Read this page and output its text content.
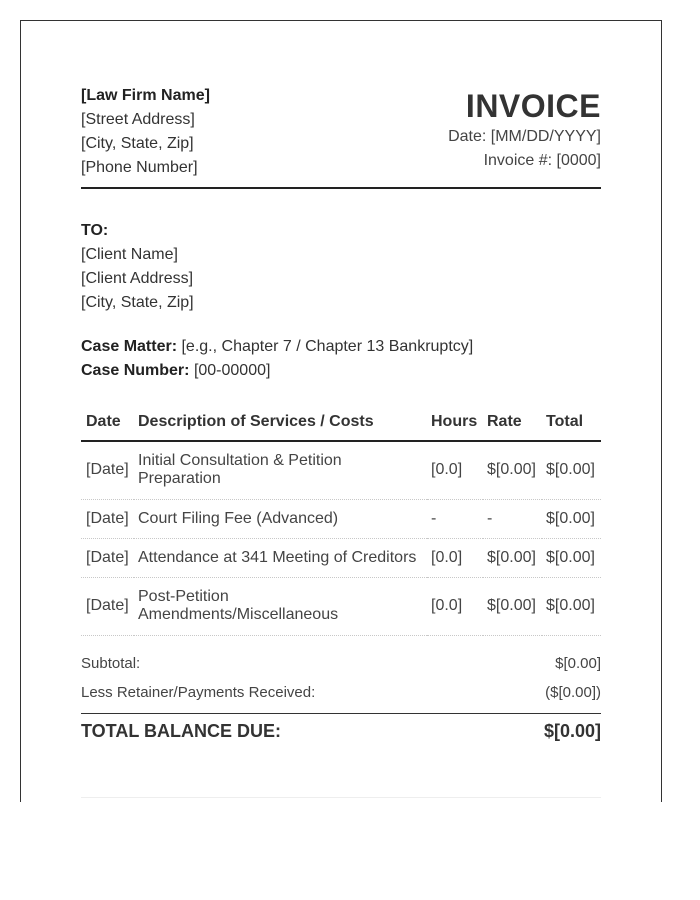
[Law Firm Name]
[Street Address]
[City, State, Zip]
[Phone Number]
INVOICE
Date: [MM/DD/YYYY]
Invoice #: [0000]
TO:
[Client Name]
[Client Address]
[City, State, Zip]
Case Matter: [e.g., Chapter 7 / Chapter 13 Bankruptcy]
Case Number: [00-00000]
Date	Description of Services / Costs	Hours	Rate	Total
[Date]	Initial Consultation & Petition Preparation	[0.0]	$[0.00]	$[0.00]
[Date]	Court Filing Fee (Advanced)	-	-	$[0.00]
[Date]	Attendance at 341 Meeting of Creditors	[0.0]	$[0.00]	$[0.00]
[Date]	Post-Petition Amendments/Miscellaneous	[0.0]	$[0.00]	$[0.00]
Subtotal:	$[0.00]
Less Retainer/Payments Received:	($[0.00])
TOTAL BALANCE DUE:	$[0.00]
